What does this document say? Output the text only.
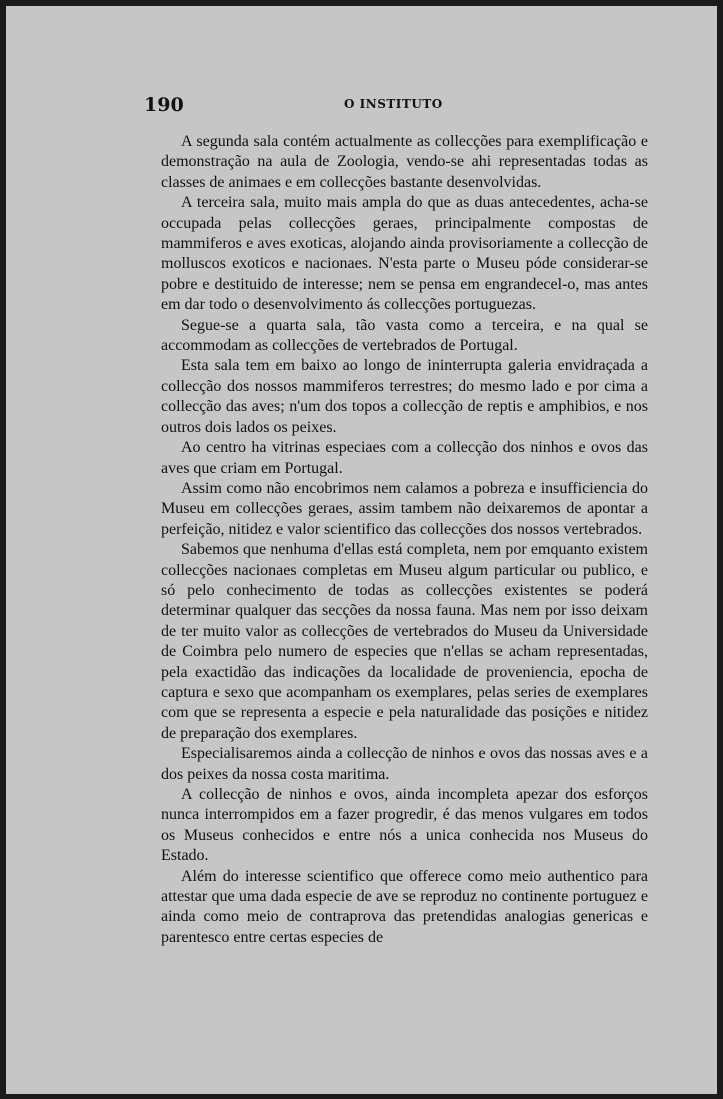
190	O INSTITUTO

A segunda sala contém actualmente as collecções para exemplificação e demonstração na aula de Zoologia, vendo-se ahi representadas todas as classes de animaes e em collecções bastante desenvolvidas.

A terceira sala, muito mais ampla do que as duas antecedentes, acha-se occupada pelas collecções geraes, principalmente compostas de mammiferos e aves exoticas, alojando ainda provisoriamente a collecção de molluscos exoticos e nacionaes. N'esta parte o Museu póde considerar-se pobre e destituido de interesse; nem se pensa em engrandecel-o, mas antes em dar todo o desenvolvimento ás collecções portuguezas.

Segue-se a quarta sala, tão vasta como a terceira, e na qual se accommodam as collecções de vertebrados de Portugal.

Esta sala tem em baixo ao longo de ininterrupta galeria envidraçada a collecção dos nossos mammiferos terrestres; do mesmo lado e por cima a collecção das aves; n'um dos topos a collecção de reptis e amphibios, e nos outros dois lados os peixes.

Ao centro ha vitrinas especiaes com a collecção dos ninhos e ovos das aves que criam em Portugal.

Assim como não encobrimos nem calamos a pobreza e insufficiencia do Museu em collecções geraes, assim tambem não deixaremos de apontar a perfeição, nitidez e valor scientifico das collecções dos nossos vertebrados.

Sabemos que nenhuma d'ellas está completa, nem por emquanto existem collecções nacionaes completas em Museu algum particular ou publico, e só pelo conhecimento de todas as collecções existentes se poderá determinar qualquer das secções da nossa fauna. Mas nem por isso deixam de ter muito valor as collecções de vertebrados do Museu da Universidade de Coimbra pelo numero de especies que n'ellas se acham representadas, pela exactidão das indicações da localidade de proveniencia, epocha de captura e sexo que acompanham os exemplares, pelas series de exemplares com que se representa a especie e pela naturalidade das posições e nitidez de preparação dos exemplares.

Especialisaremos ainda a collecção de ninhos e ovos das nossas aves e a dos peixes da nossa costa maritima.

A collecção de ninhos e ovos, ainda incompleta apezar dos esforços nunca interrompidos em a fazer progredir, é das menos vulgares em todos os Museus conhecidos e entre nós a unica conhecida nos Museus do Estado.

Além do interesse scientifico que offerece como meio authentico para attestar que uma dada especie de ave se reproduz no continente portuguez e ainda como meio de contraprova das pretendidas analogias genericas e parentesco entre certas especies de
